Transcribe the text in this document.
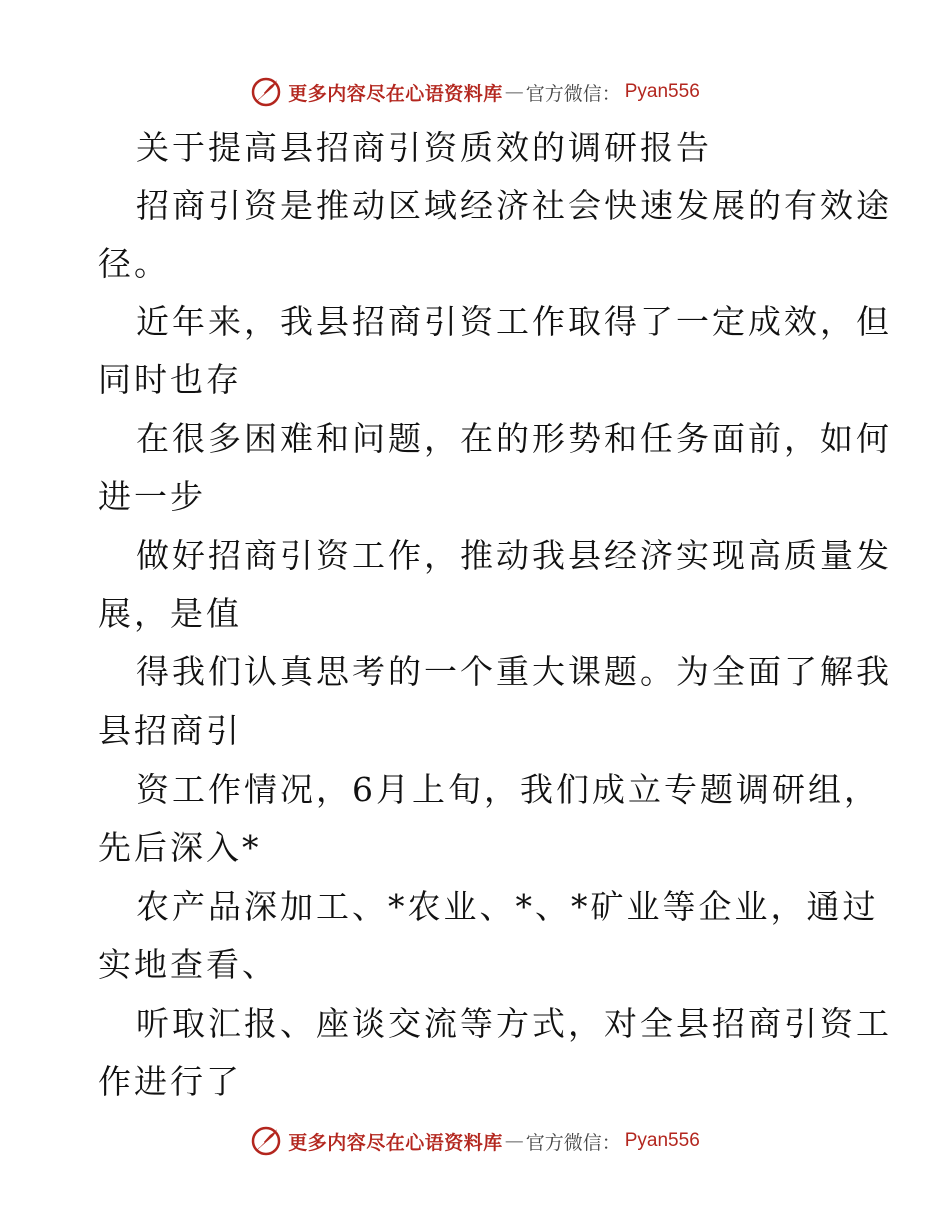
更多内容尽在心语资料库 — 官方微信： Pyan556
关于提高县招商引资质效的调研报告
招商引资是推动区域经济社会快速发展的有效途
径。
近年来，我县招商引资工作取得了一定成效，但
同时也存
在很多困难和问题，在的形势和任务面前，如何
进一步
做好招商引资工作，推动我县经济实现高质量发
展，是值
得我们认真思考的一个重大课题。为全面了解我
县招商引
资工作情况，6月上旬，我们成立专题调研组，
先后深入*
农产品深加工、*农业、*、*矿业等企业，通过
实地查看、
听取汇报、座谈交流等方式，对全县招商引资工
作进行了
更多内容尽在心语资料库 — 官方微信： Pyan556
